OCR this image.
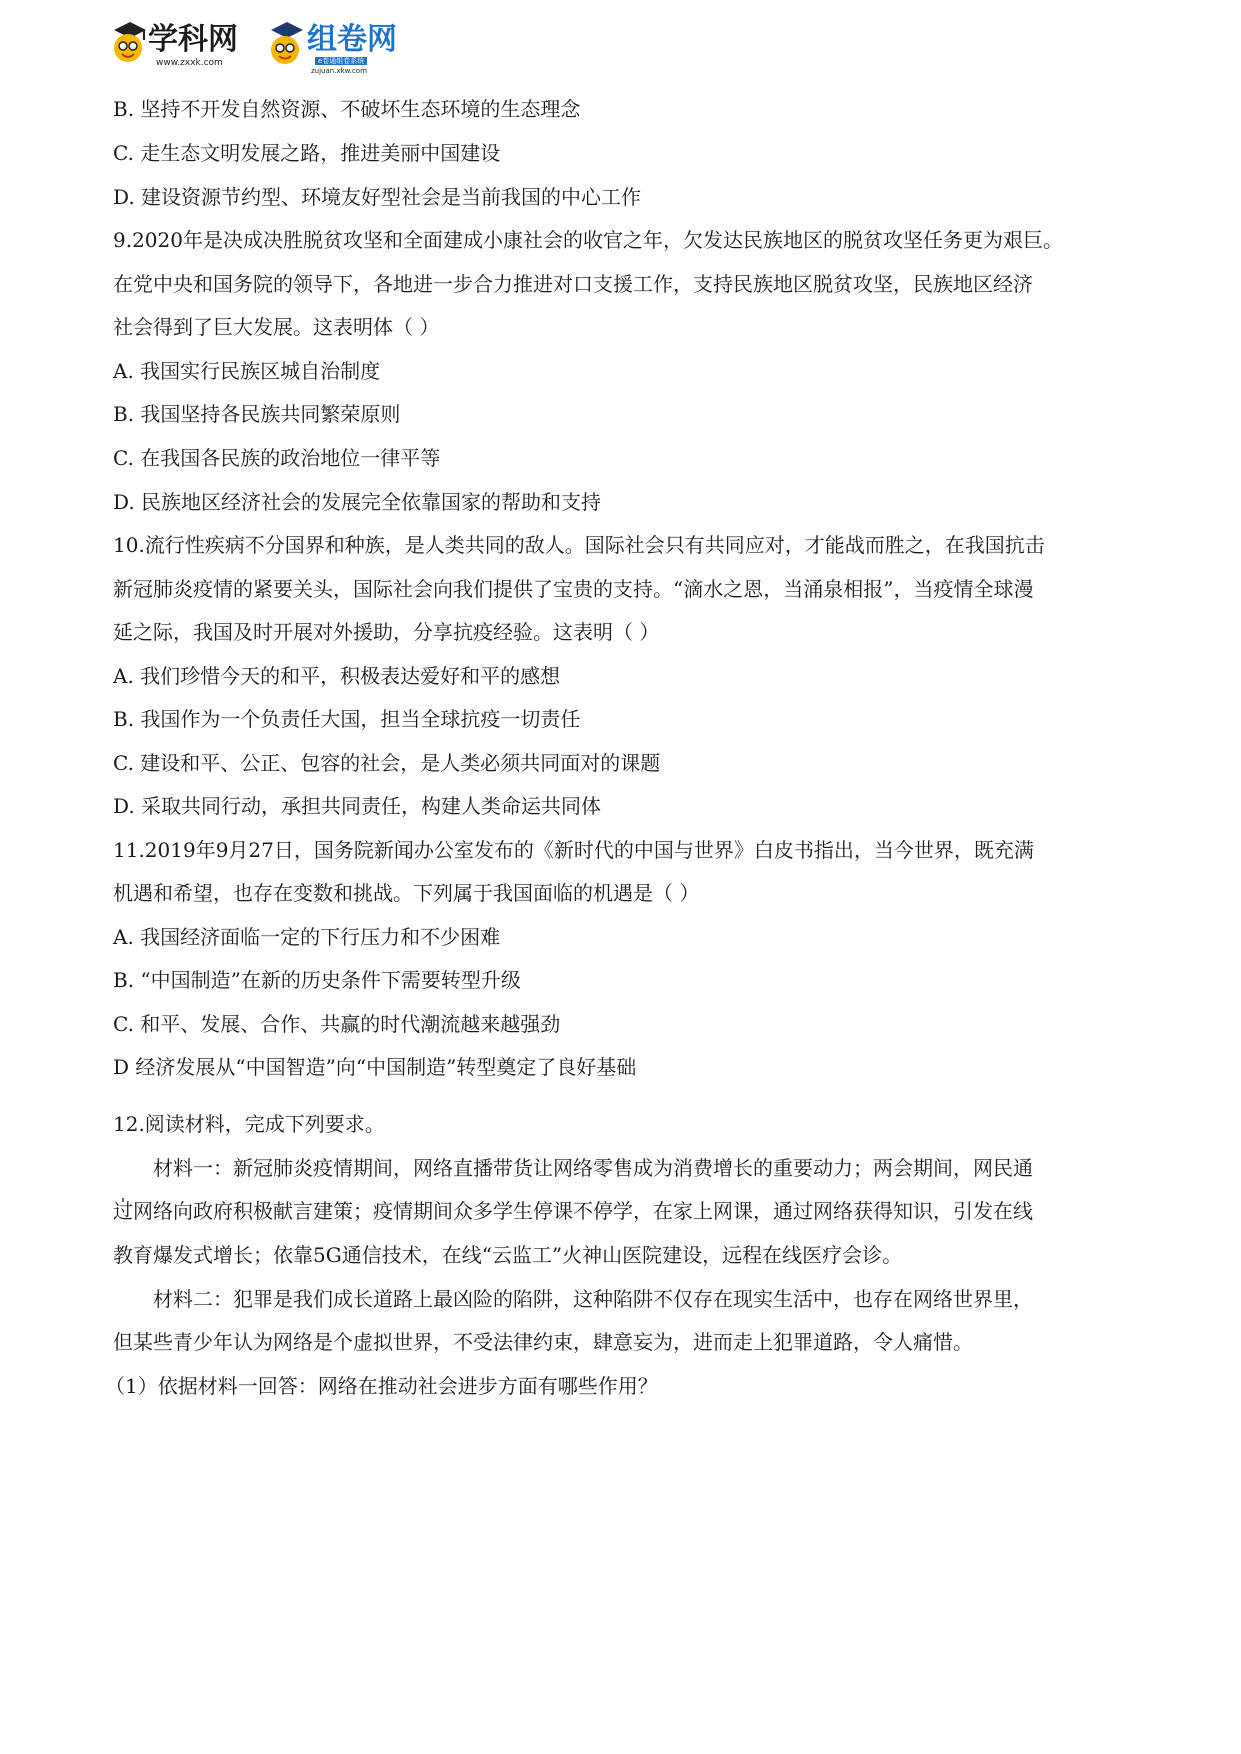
学科网
www.zxxk.com
组卷网
e卷通组卷系统
zujuan.xkw.com
B. 坚持不开发自然资源、不破坏生态环境的生态理念
C. 走生态文明发展之路，推进美丽中国建设
D. 建设资源节约型、环境友好型社会是当前我国的中心工作
9.2020年是决成决胜脱贫攻坚和全面建成小康社会的收官之年，欠发达民族地区的脱贫攻坚任务更为艰巨。
在党中央和国务院的领导下，各地进一步合力推进对口支援工作，支持民族地区脱贫攻坚，民族地区经济
社会得到了巨大发展。这表明体（ ）
A. 我国实行民族区城自治制度
B. 我国坚持各民族共同繁荣原则
C. 在我国各民族的政治地位一律平等
D. 民族地区经济社会的发展完全依靠国家的帮助和支持
10.流行性疾病不分国界和种族，是人类共同的敌人。国际社会只有共同应对，才能战而胜之，在我国抗击
新冠肺炎疫情的紧要关头，国际社会向我们提供了宝贵的支持。“滴水之恩，当涌泉相报”，当疫情全球漫
延之际，我国及时开展对外援助，分享抗疫经验。这表明（ ）
A. 我们珍惜今天的和平，积极表达爱好和平的感想
B. 我国作为一个负责任大国，担当全球抗疫一切责任
C. 建设和平、公正、包容的社会，是人类必须共同面对的课题
D. 采取共同行动，承担共同责任，构建人类命运共同体
11.2019年9月27日，国务院新闻办公室发布的《新时代的中国与世界》白皮书指出，当今世界，既充满
机遇和希望，也存在变数和挑战。下列属于我国面临的机遇是（ ）
A. 我国经济面临一定的下行压力和不少困难
B. “中国制造”在新的历史条件下需要转型升级
C. 和平、发展、合作、共赢的时代潮流越来越强劲
D 经济发展从“中国智造”向“中国制造”转型奠定了良好基础
12.阅读材料，完成下列要求。
材料一：新冠肺炎疫情期间，网络直播带货让网络零售成为消费增长的重要动力；两会期间，网民通
过网络向政府积极献言建策；疫情期间众多学生停课不停学，在家上网课，通过网络获得知识，引发在线
教育爆发式增长；依靠5G通信技术，在线“云监工”火神山医院建设，远程在线医疗会诊。
材料二：犯罪是我们成长道路上最凶险的陷阱，这种陷阱不仅存在现实生活中，也存在网络世界里，
但某些青少年认为网络是个虚拟世界，不受法律约束，肆意妄为，进而走上犯罪道路，令人痛惜。
（1）依据材料一回答：网络在推动社会进步方面有哪些作用？
